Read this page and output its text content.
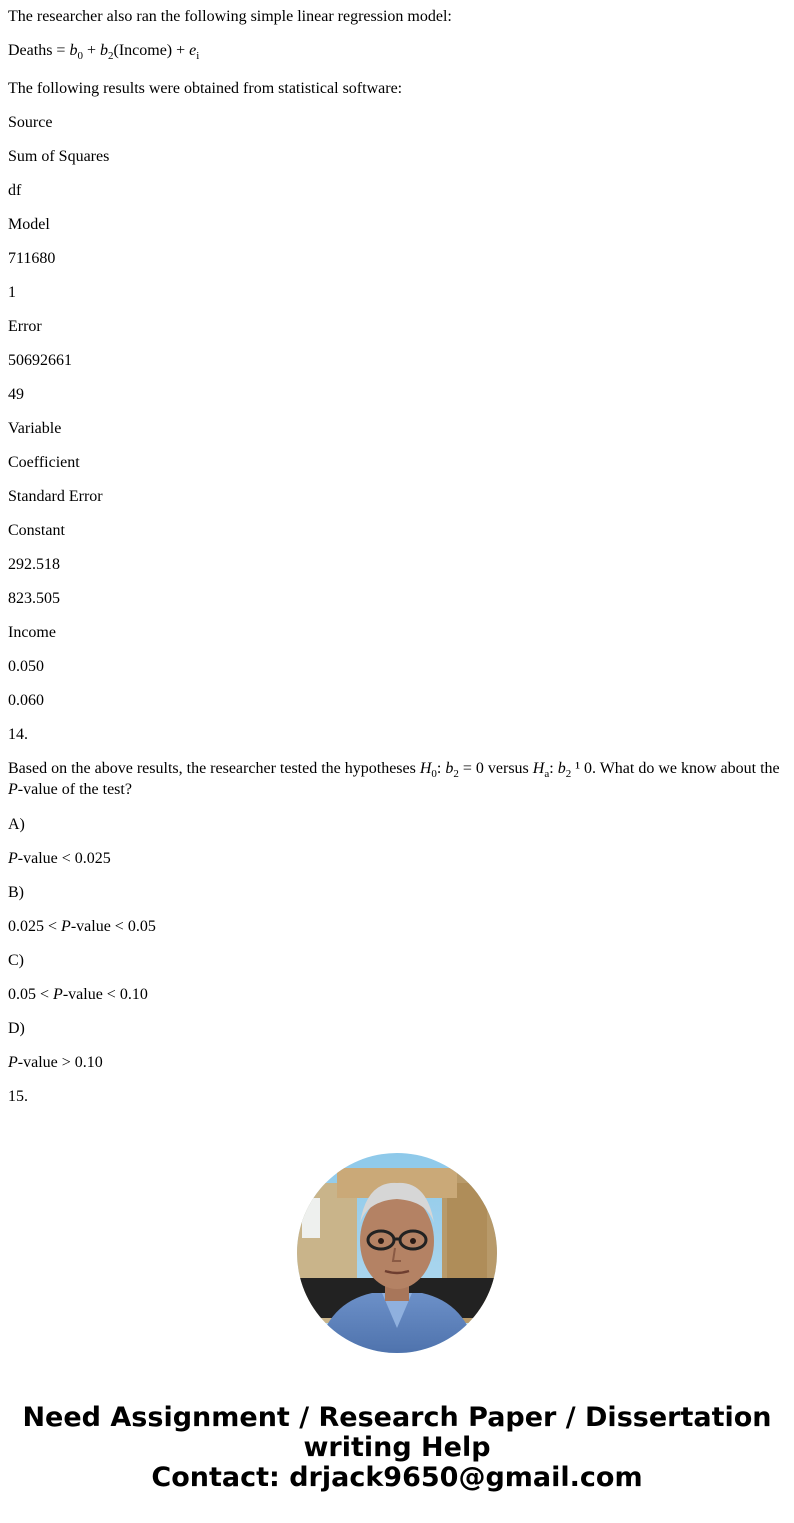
The researcher also ran the following simple linear regression model:

Deaths = $b_0$ + $b_2(Income) + e_i$

The following results were obtained from statistical software:

Source

Sum of Squares

df

Model

711680

1

Error

50692661

49

Variable

Coefficient

Standard Error

Constant

292.518

823.505

Income

0.050

0.060

14.

Based on the above results, the researcher tested the hypotheses $H_0$: $b_2 = 0$ versus $H_a$: $b_2$ ¹ 0. What do we know about the P-value of the test?

A)

P-value < 0.025

B)

0.025 < P-value < 0.05

C)

0.05 < P-value < 0.10

D)

P-value > 0.10

15.

Need Assignment / Research Paper / Dissertation
writing Help
Contact: drjack9650@gmail.com
